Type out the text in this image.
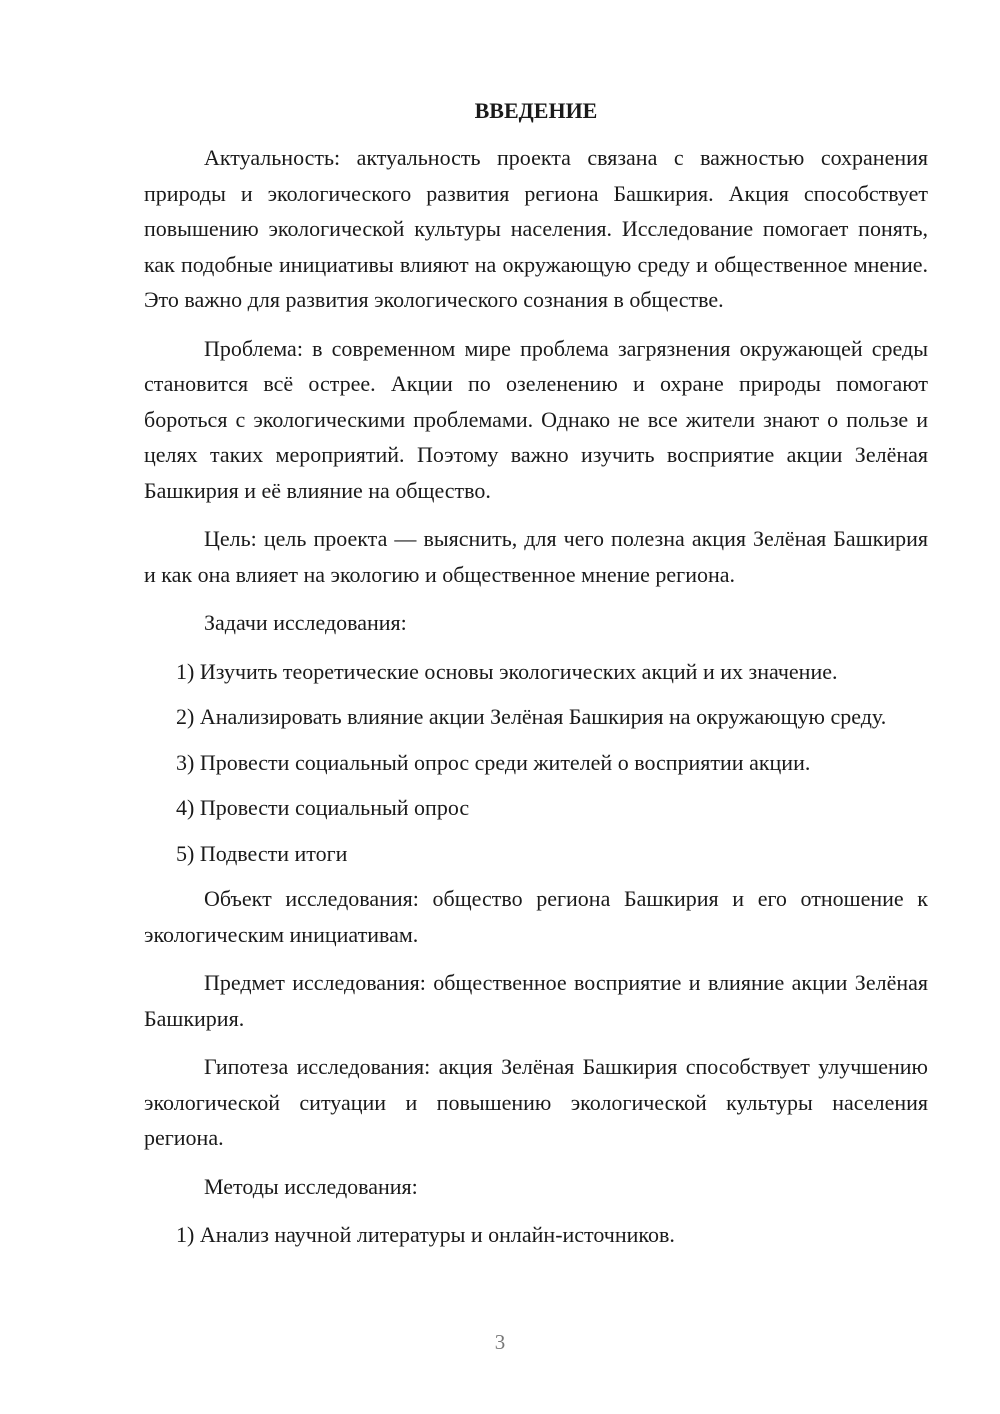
ВВЕДЕНИЕ

Актуальность: актуальность проекта связана с важностью сохранения природы и экологического развития региона Башкирия. Акция способствует повышению экологической культуры населения. Исследование помогает понять, как подобные инициативы влияют на окружающую среду и общественное мнение. Это важно для развития экологического сознания в обществе.

Проблема: в современном мире проблема загрязнения окружающей среды становится всё острее. Акции по озеленению и охране природы помогают бороться с экологическими проблемами. Однако не все жители знают о пользе и целях таких мероприятий. Поэтому важно изучить восприятие акции Зелёная Башкирия и её влияние на общество.

Цель: цель проекта — выяснить, для чего полезна акция Зелёная Башкирия и как она влияет на экологию и общественное мнение региона.

Задачи исследования:

1) Изучить теоретические основы экологических акций и их значение.

2) Анализировать влияние акции Зелёная Башкирия на окружающую среду.

3) Провести социальный опрос среди жителей о восприятии акции.

4) Провести социальный опрос

5) Подвести итоги

Объект исследования: общество региона Башкирия и его отношение к экологическим инициативам.

Предмет исследования: общественное восприятие и влияние акции Зелёная Башкирия.

Гипотеза исследования: акция Зелёная Башкирия способствует улучшению экологической ситуации и повышению экологической культуры населения региона.

Методы исследования:

1) Анализ научной литературы и онлайн-источников.

3
